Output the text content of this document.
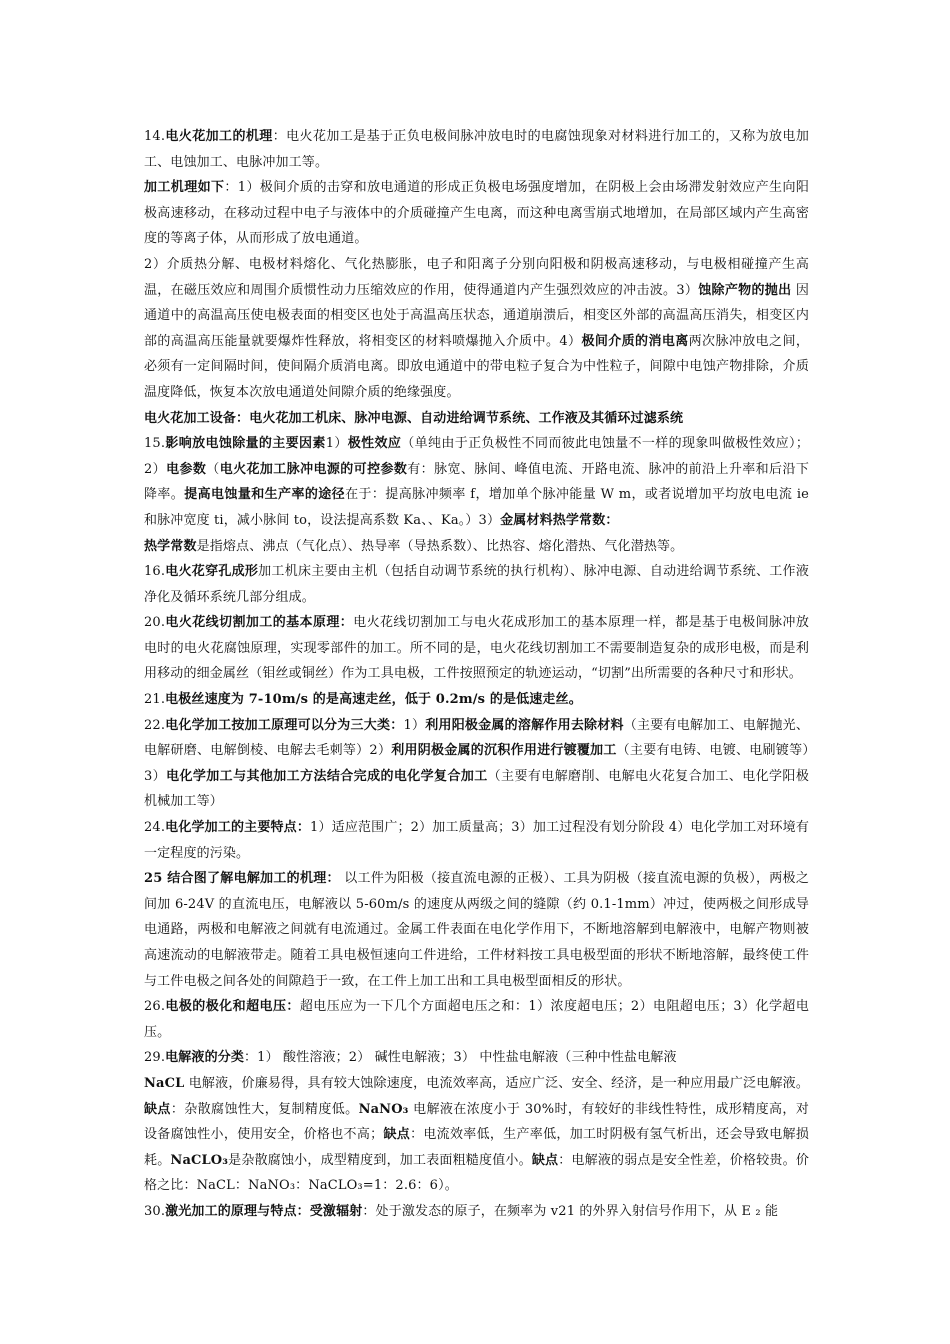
14.电火花加工的机理：电火花加工是基于正负电极间脉冲放电时的电腐蚀现象对材料进行加工的，又称为放电加工、电蚀加工、电脉冲加工等。

加工机理如下：1）极间介质的击穿和放电通道的形成正负极电场强度增加，在阴极上会由场滞发射效应产生向阳极高速移动，在移动过程中电子与液体中的介质碰撞产生电离，而这种电离雪崩式地增加，在局部区域内产生高密度的等离子体，从而形成了放电通道。

2）介质热分解、电极材料熔化、气化热膨胀，电子和阳离子分别向阳极和阴极高速移动，与电极相碰撞产生高温，在磁压效应和周围介质惯性动力压缩效应的作用，使得通道内产生强烈效应的冲击波。3）蚀除产物的抛出 因通道中的高温高压使电极表面的相变区也处于高温高压状态，通道崩溃后，相变区外部的高温高压消失，相变区内部的高温高压能量就要爆炸性释放，将相变区的材料喷爆抛入介质中。4）极间介质的消电离两次脉冲放电之间，必须有一定间隔时间，使间隔介质消电离。即放电通道中的带电粒子复合为中性粒子，间隙中电蚀产物排除，介质温度降低，恢复本次放电通道处间隙介质的绝缘强度。

电火花加工设备：电火花加工机床、脉冲电源、自动进给调节系统、工作液及其循环过滤系统

15.影响放电蚀除量的主要因素1）极性效应（单纯由于正负极性不同而彼此电蚀量不一样的现象叫做极性效应）；2）电参数（电火花加工脉冲电源的可控参数有：脉宽、脉间、峰值电流、开路电流、脉冲的前沿上升率和后沿下降率。提高电蚀量和生产率的途径在于：提高脉冲频率 f，增加单个脉冲能量 W m，或者说增加平均放电电流 ie 和脉冲宽度 ti，减小脉间 to，设法提高系数 Ka、、Ka。）3）金属材料热学常数：

热学常数是指熔点、沸点（气化点）、热导率（导热系数）、比热容、熔化潜热、气化潜热等。

16.电火花穿孔成形加工机床主要由主机（包括自动调节系统的执行机构）、脉冲电源、自动进给调节系统、工作液净化及循环系统几部分组成。

20.电火花线切割加工的基本原理：电火花线切割加工与电火花成形加工的基本原理一样，都是基于电极间脉冲放电时的电火花腐蚀原理，实现零部件的加工。所不同的是，电火花线切割加工不需要制造复杂的成形电极，而是利用移动的细金属丝（钼丝或铜丝）作为工具电极，工件按照预定的轨迹运动，“切割”出所需要的各种尺寸和形状。

21.电极丝速度为 7-10m/s 的是高速走丝，低于 0.2m/s 的是低速走丝。

22.电化学加工按加工原理可以分为三大类：1）利用阳极金属的溶解作用去除材料（主要有电解加工、电解抛光、电解研磨、电解倒棱、电解去毛刺等）2）利用阴极金属的沉积作用进行镀覆加工（主要有电铸、电镀、电刷镀等）3）电化学加工与其他加工方法结合完成的电化学复合加工（主要有电解磨削、电解电火花复合加工、电化学阳极机械加工等）

24.电化学加工的主要特点：1）适应范围广；2）加工质量高；3）加工过程没有划分阶段 4）电化学加工对环境有一定程度的污染。

25 结合图了解电解加工的机理： 以工件为阳极（接直流电源的正极）、工具为阴极（接直流电源的负极），两极之间加 6-24V 的直流电压，电解液以 5-60m/s 的速度从两级之间的缝隙（约 0.1-1mm）冲过，使两极之间形成导电通路，两极和电解液之间就有电流通过。金属工件表面在电化学作用下，不断地溶解到电解液中，电解产物则被高速流动的电解液带走。随着工具电极恒速向工件进给，工件材料按工具电极型面的形状不断地溶解，最终使工件与工件电极之间各处的间隙趋于一致，在工件上加工出和工具电极型面相反的形状。

26.电极的极化和超电压：超电压应为一下几个方面超电压之和：1）浓度超电压；2）电阻超电压；3）化学超电压。

29.电解液的分类：1） 酸性溶液；2） 碱性电解液；3） 中性盐电解液（三种中性盐电解液

NaCL 电解液，价廉易得，具有较大蚀除速度，电流效率高，适应广泛、安全、经济，是一种应用最广泛电解液。缺点：杂散腐蚀性大，复制精度低。NaNO₃ 电解液在浓度小于 30%时，有较好的非线性特性，成形精度高，对设备腐蚀性小，使用安全，价格也不高；缺点：电流效率低，生产率低，加工时阴极有氢气析出，还会导致电解损耗。NaCLO₃是杂散腐蚀小，成型精度到，加工表面粗糙度值小。缺点：电解液的弱点是安全性差，价格较贵。价格之比：NaCL：NaNO₃：NaCLO₃=1：2.6：6）。

30.激光加工的原理与特点：受激辐射：处于激发态的原子，在频率为 v21 的外界入射信号作用下，从 E ₂ 能
